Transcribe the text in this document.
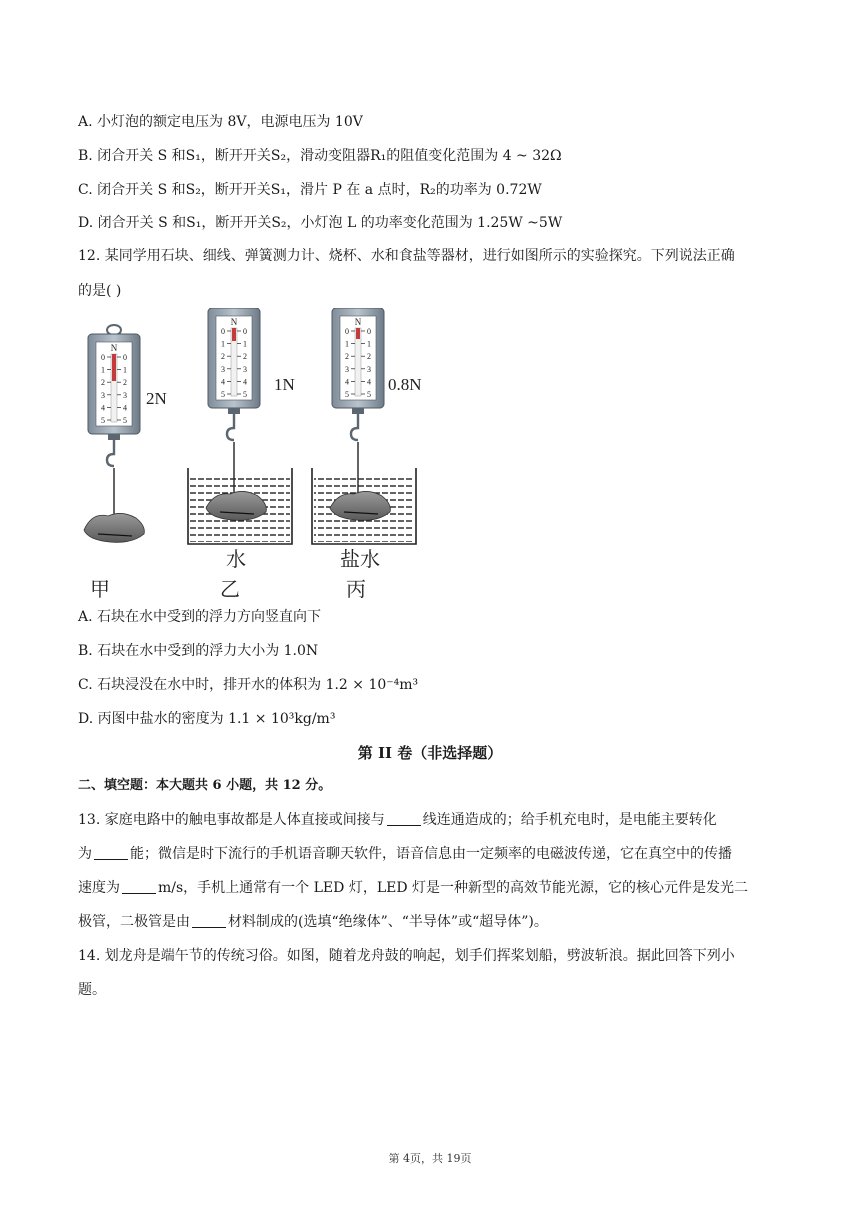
A. 小灯泡的额定电压为 8V，电源电压为 10V
B. 闭合开关 S 和S₁，断开开关S₂，滑动变阻器R₁的阻值变化范围为 4 ~ 32Ω
C. 闭合开关 S 和S₂，断开开关S₁，滑片 P 在 a 点时，R₂的功率为 0.72W
D. 闭合开关 S 和S₁，断开开关S₂，小灯泡 L 的功率变化范围为 1.25W ~5W
12. 某同学用石块、细线、弹簧测力计、烧杯、水和食盐等器材，进行如图所示的实验探究。下列说法正确
的是( )
N
0 0
1 1
2 2
3 3
4 4
5 5
2N
N
0 0
1 1
2 2
3 3
4 4
5 5
1N
水
N
0 0
1 1
2 2
3 3
4 4
5 5
0.8N
盐水
甲	乙	丙
A. 石块在水中受到的浮力方向竖直向下
B. 石块在水中受到的浮力大小为 1.0N
C. 石块浸没在水中时，排开水的体积为 1.2 × 10⁻⁴m³
D. 丙图中盐水的密度为 1.1 × 10³kg/m³
第 II 卷（非选择题）
二、填空题：本大题共 6 小题，共 12 分。
13. 家庭电路中的触电事故都是人体直接或间接与	线连通造成的；给手机充电时，是电能主要转化
为	能；微信是时下流行的手机语音聊天软件，语音信息由一定频率的电磁波传递，它在真空中的传播
速度为	m/s，手机上通常有一个 LED 灯，LED 灯是一种新型的高效节能光源，它的核心元件是发光二
极管，二极管是由	材料制成的(选填“绝缘体”、“半导体”或“超导体”)。
14. 划龙舟是端午节的传统习俗。如图，随着龙舟鼓的响起，划手们挥桨划船，劈波斩浪。据此回答下列小
题。
第 4页，共 19页
